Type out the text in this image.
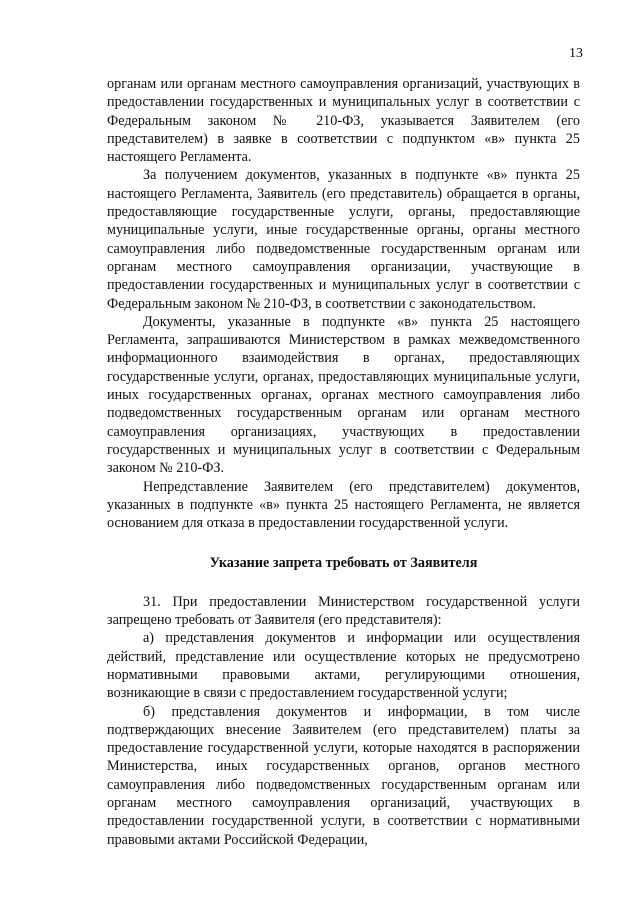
13

органам или органам местного самоуправления организаций, участвующих в предоставлении государственных и муниципальных услуг в соответствии с Федеральным законом № 210-ФЗ, указывается Заявителем (его представителем) в заявке в соответствии с подпунктом «в» пункта 25 настоящего Регламента.

За получением документов, указанных в подпункте «в» пункта 25 настоящего Регламента, Заявитель (его представитель) обращается в органы, предоставляющие государственные услуги, органы, предоставляющие муниципальные услуги, иные государственные органы, органы местного самоуправления либо подведомственные государственным органам или органам местного самоуправления организации, участвующие в предоставлении государственных и муниципальных услуг в соответствии с Федеральным законом № 210-ФЗ, в соответствии с законодательством.

Документы, указанные в подпункте «в» пункта 25 настоящего Регламента, запрашиваются Министерством в рамках межведомственного информационного взаимодействия в органах, предоставляющих государственные услуги, органах, предоставляющих муниципальные услуги, иных государственных органах, органах местного самоуправления либо подведомственных государственным органам или органам местного самоуправления организациях, участвующих в предоставлении государственных и муниципальных услуг в соответствии с Федеральным законом № 210-ФЗ.

Непредставление Заявителем (его представителем) документов, указанных в подпункте «в» пункта 25 настоящего Регламента, не является основанием для отказа в предоставлении государственной услуги.

Указание запрета требовать от Заявителя

31. При предоставлении Министерством государственной услуги запрещено требовать от Заявителя (его представителя):

а) представления документов и информации или осуществления действий, представление или осуществление которых не предусмотрено нормативными правовыми актами, регулирующими отношения, возникающие в связи с предоставлением государственной услуги;

б) представления документов и информации, в том числе подтверждающих внесение Заявителем (его представителем) платы за предоставление государственной услуги, которые находятся в распоряжении Министерства, иных государственных органов, органов местного самоуправления либо подведомственных государственным органам или органам местного самоуправления организаций, участвующих в предоставлении государственной услуги, в соответствии с нормативными правовыми актами Российской Федерации,
